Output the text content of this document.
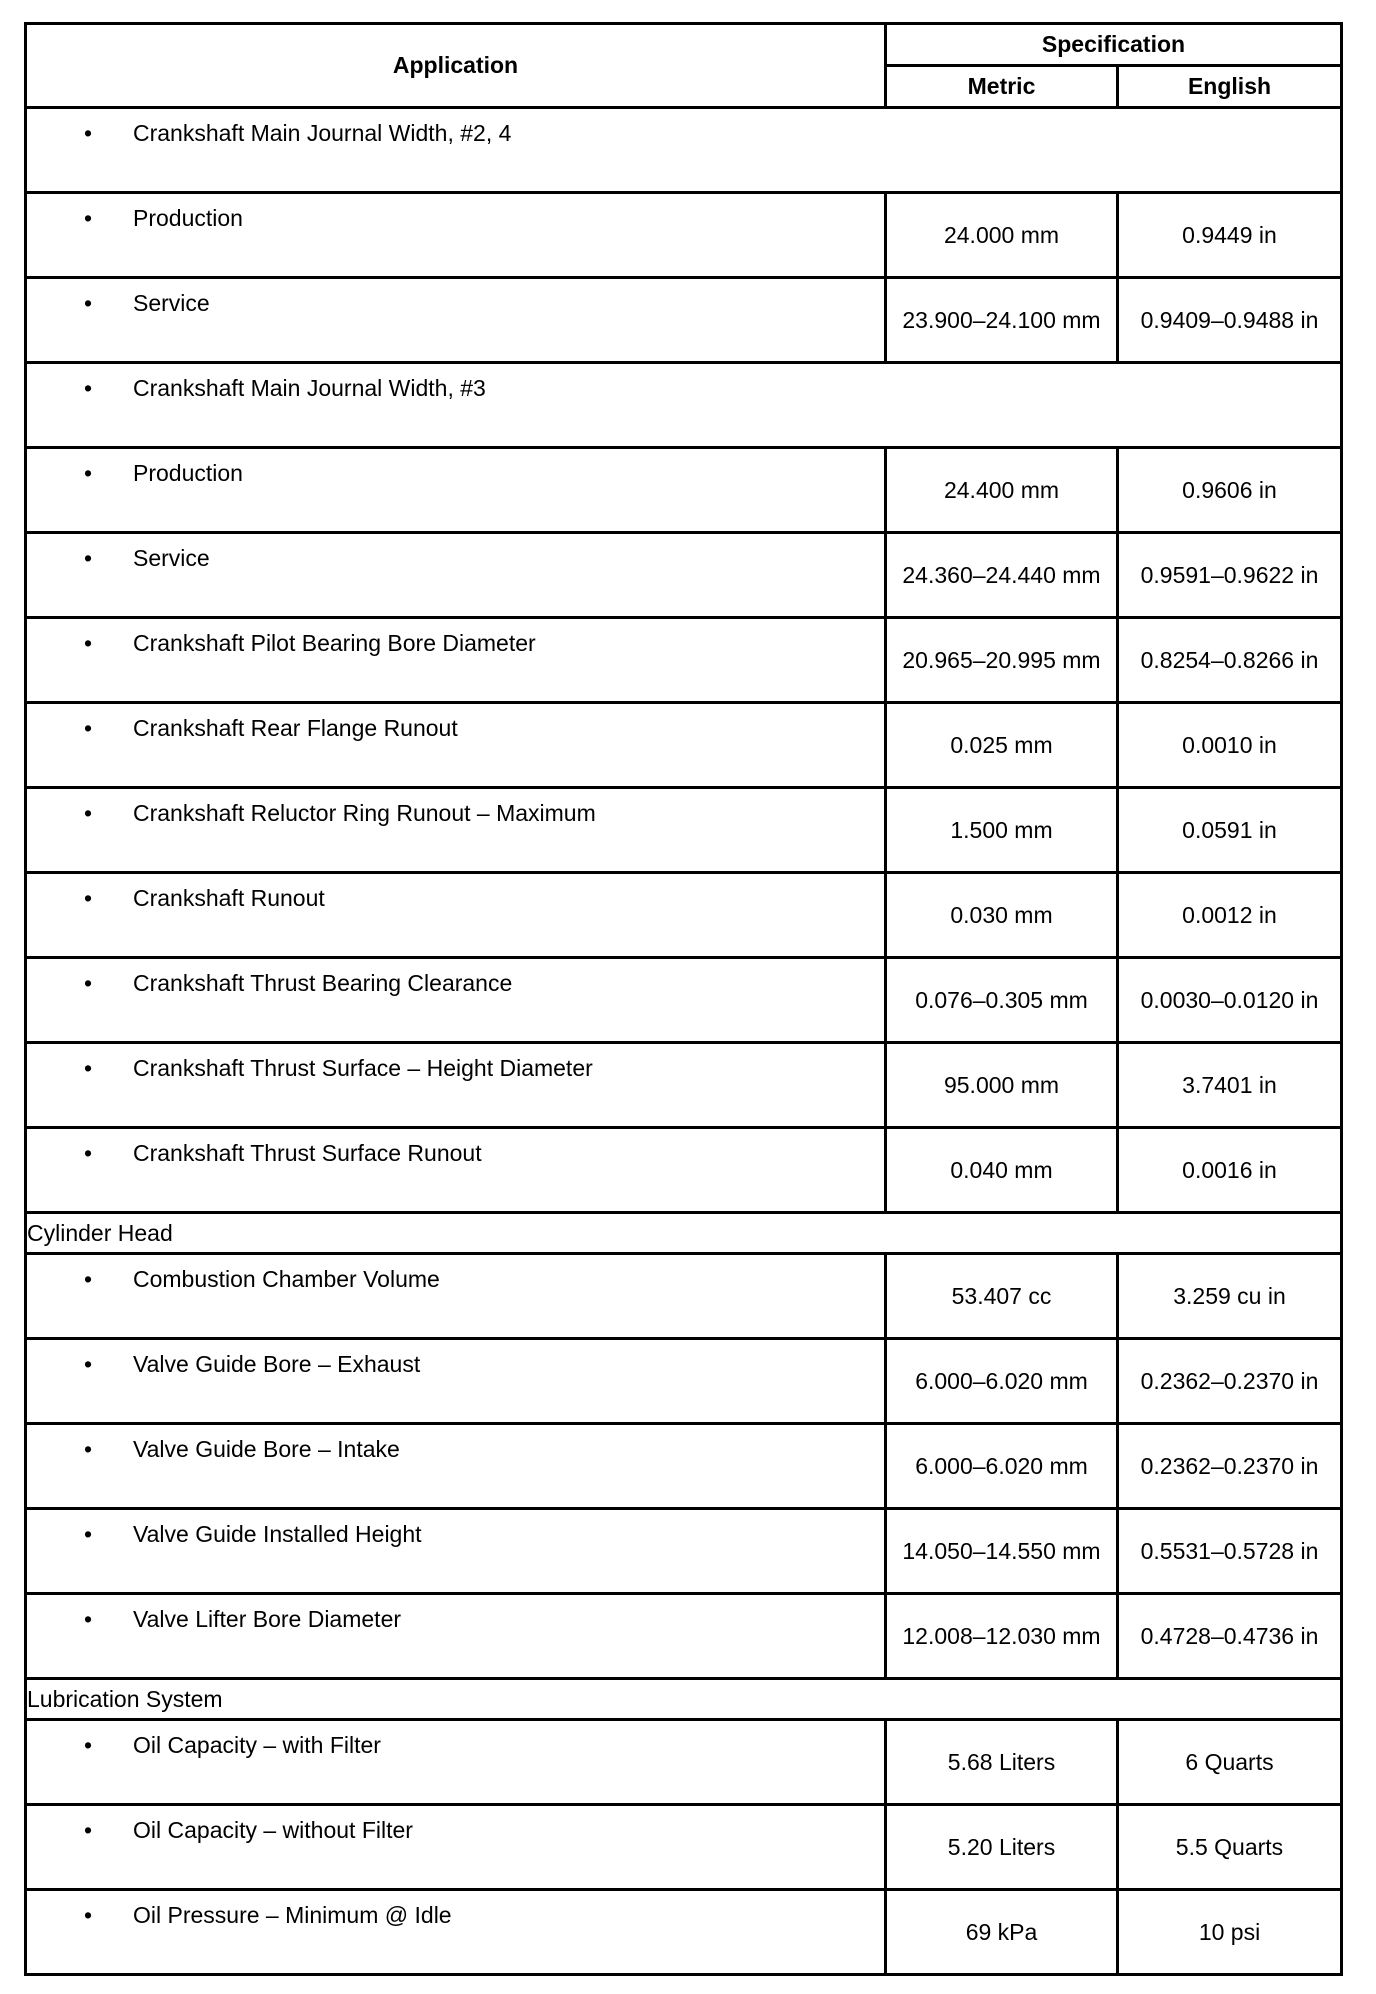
Application	Specification	
	Metric	English

• Crankshaft Main Journal Width, #2, 4		

• Production	24.000 mm	0.9449 in

• Service	23.900–24.100 mm	0.9409–0.9488 in

• Crankshaft Main Journal Width, #3		

• Production	24.400 mm	0.9606 in

• Service	24.360–24.440 mm	0.9591–0.9622 in

• Crankshaft Pilot Bearing Bore Diameter	20.965–20.995 mm	0.8254–0.8266 in

• Crankshaft Rear Flange Runout	0.025 mm	0.0010 in

• Crankshaft Reluctor Ring Runout – Maximum	1.500 mm	0.0591 in

• Crankshaft Runout	0.030 mm	0.0012 in

• Crankshaft Thrust Bearing Clearance	0.076–0.305 mm	0.0030–0.0120 in

• Crankshaft Thrust Surface – Height Diameter	95.000 mm	3.7401 in

• Crankshaft Thrust Surface Runout	0.040 mm	0.0016 in
Cylinder Head		

• Combustion Chamber Volume	53.407 cc	3.259 cu in

• Valve Guide Bore – Exhaust	6.000–6.020 mm	0.2362–0.2370 in

• Valve Guide Bore – Intake	6.000–6.020 mm	0.2362–0.2370 in

• Valve Guide Installed Height	14.050–14.550 mm	0.5531–0.5728 in

• Valve Lifter Bore Diameter	12.008–12.030 mm	0.4728–0.4736 in
Lubrication System		

• Oil Capacity – with Filter	5.68 Liters	6 Quarts

• Oil Capacity – without Filter	5.20 Liters	5.5 Quarts

• Oil Pressure – Minimum @ Idle	69 kPa	10 psi
